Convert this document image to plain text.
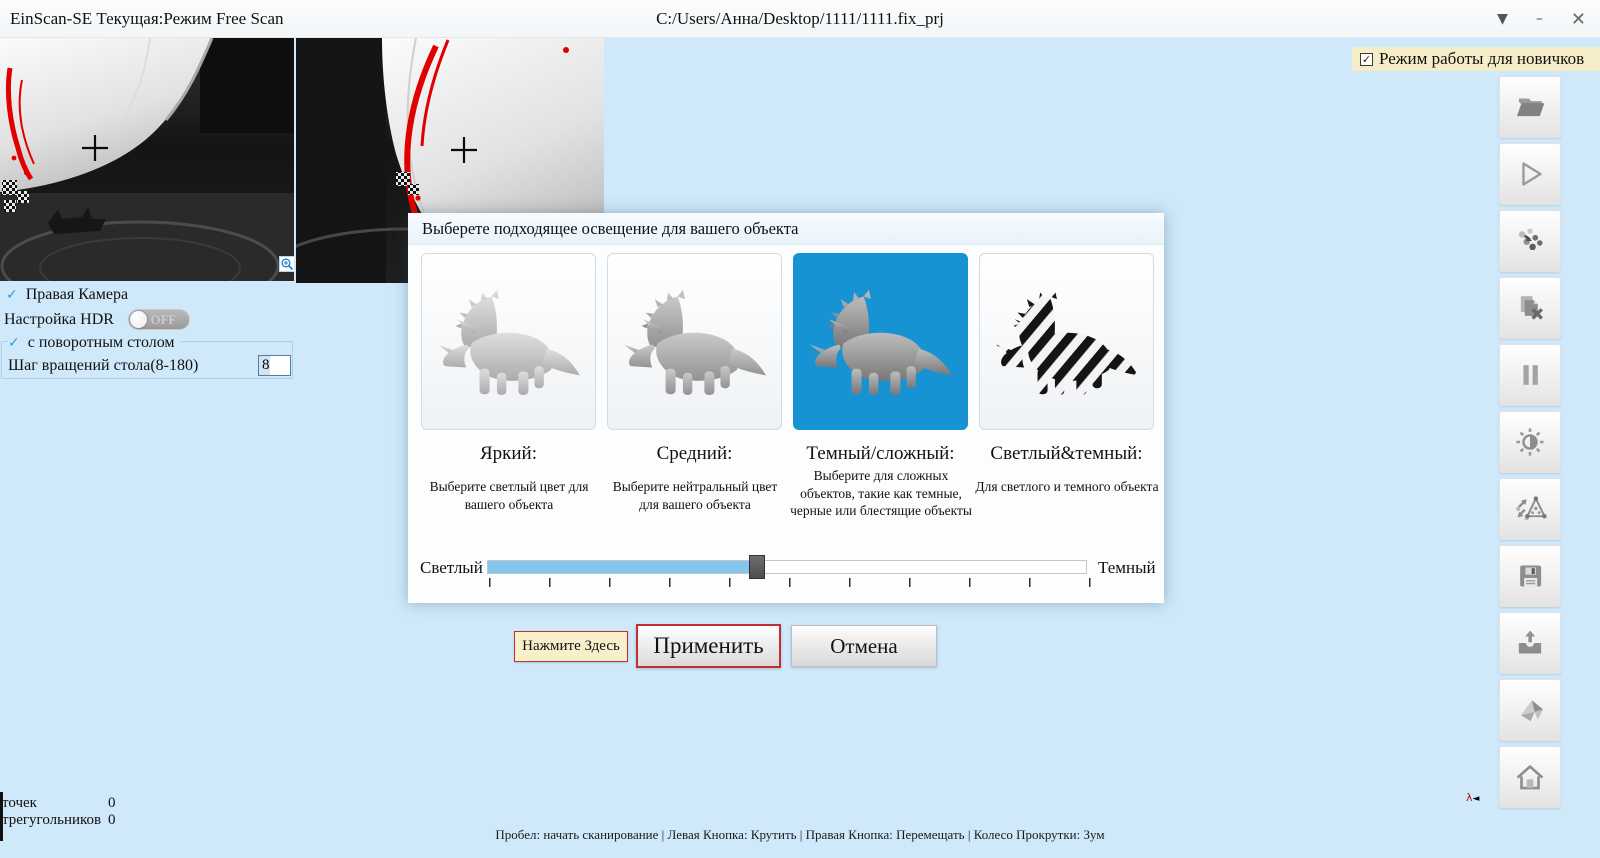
EinScan-SE Текущая:Режим Free Scan	C:/Users/Анна/Desktop/1111/1111.fix_prj	▼ – ✕
✓ Правая Камера
Настройка HDR	OFF
✓ с поворотным столом
Шаг вращений стола(8-180)
8
✓ Режим работы для новичков
Выберете подходящее освещение для вашего объекта
Яркий:
Выберите светлый цвет для вашего объекта
Средний:
Выберите нейтральный цвет для вашего объекта
Темный/сложный:
Выберите для сложных объектов, такие как темные, черные или блестящие объекты
Светлый&темный:
Для светлого и темного объекта
Светлый	Темный
Нажмите Здесь	Применить	Отмена
точек	0
трегугольников 0
Пробел: начать сканирование | Левая Кнопка: Крутить | Правая Кнопка: Перемещать | Колесо Прокрутки: Зум
λ◄
